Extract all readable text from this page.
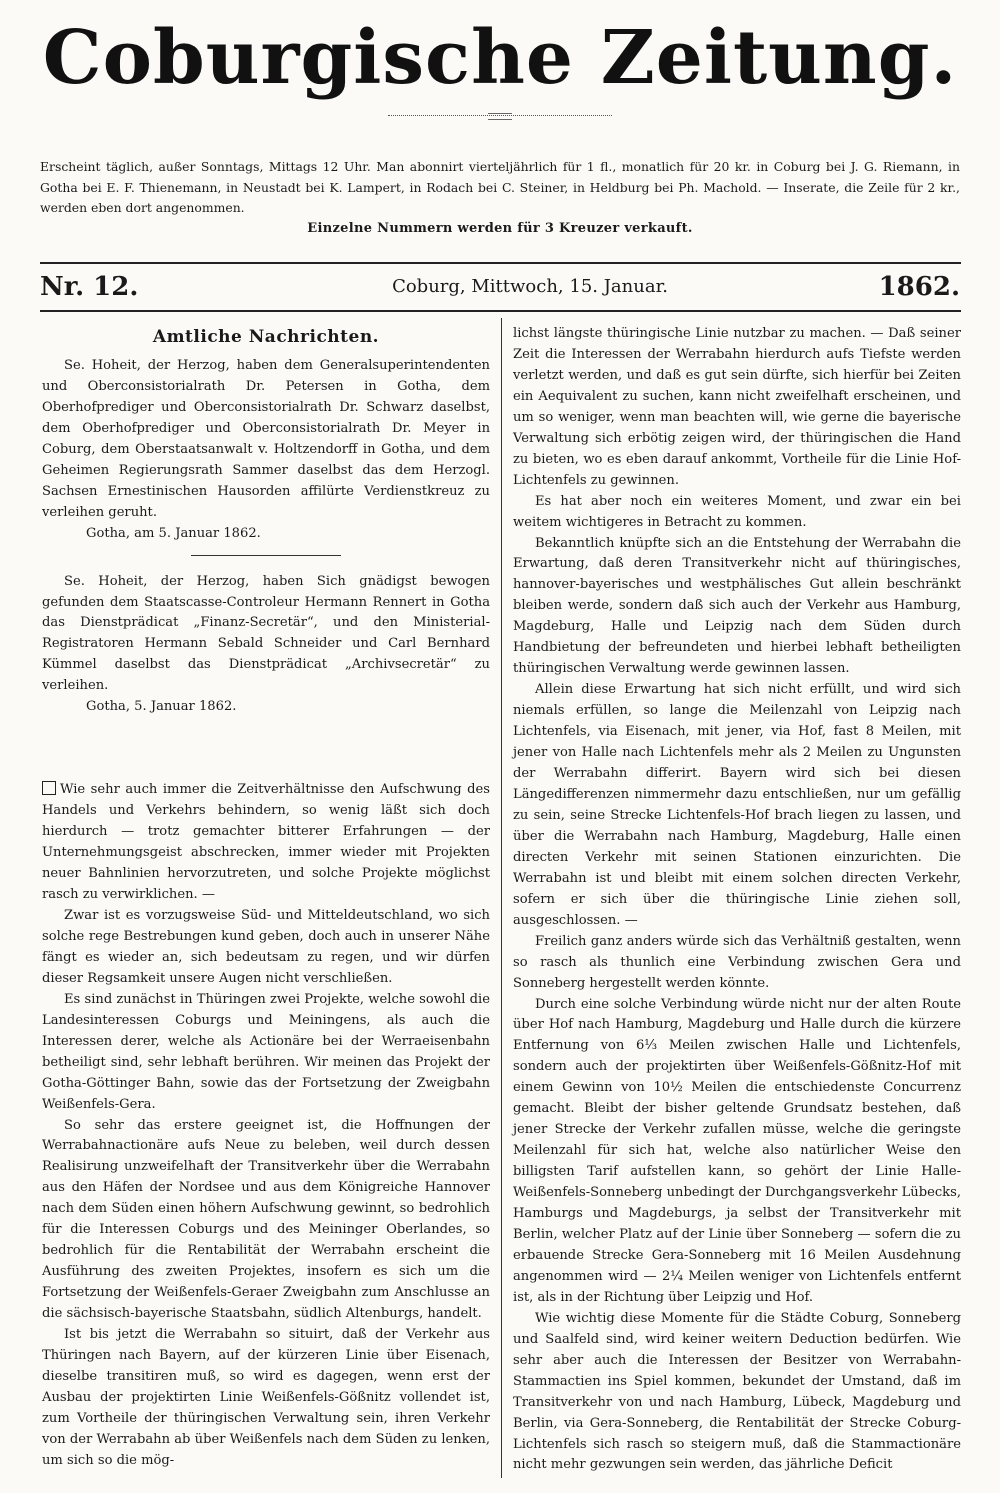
Coburgische Zeitung.
Erscheint täglich, außer Sonntags, Mittags 12 Uhr. Man abonnirt vierteljährlich für 1 fl., monatlich für 20 kr. in Coburg bei J. G. Riemann, in Gotha bei E. F. Thienemann, in Neustadt bei K. Lampert, in Rodach bei C. Steiner, in Heldburg bei Ph. Machold. — Inserate, die Zeile für 2 kr., werden eben dort angenommen.
Einzelne Nummern werden für 3 Kreuzer verkauft.
Nr. 12.	Coburg, Mittwoch, 15. Januar.	1862.
Amtliche Nachrichten.

Se. Hoheit, der Herzog, haben dem Generalsuperintendenten und Oberconsistorialrath Dr. Petersen in Gotha, dem Oberhofprediger und Oberconsistorialrath Dr. Schwarz daselbst, dem Oberhofprediger und Oberconsistorialrath Dr. Meyer in Coburg, dem Oberstaatsanwalt v. Holtzendorff in Gotha, und dem Geheimen Regierungsrath Sammer daselbst das dem Herzogl. Sachsen Ernestinischen Hausorden affilürte Verdienstkreuz zu verleihen geruht.

Gotha, am 5. Januar 1862.

Se. Hoheit, der Herzog, haben Sich gnädigst bewogen gefunden dem Staatscasse-Controleur Hermann Rennert in Gotha das Dienstprädicat „Finanz-Secretär“, und den Ministerial-Registratoren Hermann Sebald Schneider und Carl Bernhard Kümmel daselbst das Dienstprädicat „Archivsecretär“ zu verleihen.

Gotha, 5. Januar 1862.

Wie sehr auch immer die Zeitverhältnisse den Aufschwung des Handels und Verkehrs behindern, so wenig läßt sich doch hierdurch — trotz gemachter bitterer Erfahrungen — der Unternehmungsgeist abschrecken, immer wieder mit Projekten neuer Bahnlinien hervorzutreten, und solche Projekte möglichst rasch zu verwirklichen. —

Zwar ist es vorzugsweise Süd- und Mitteldeutschland, wo sich solche rege Bestrebungen kund geben, doch auch in unserer Nähe fängt es wieder an, sich bedeutsam zu regen, und wir dürfen dieser Regsamkeit unsere Augen nicht verschließen.

Es sind zunächst in Thüringen zwei Projekte, welche sowohl die Landesinteressen Coburgs und Meiningens, als auch die Interessen derer, welche als Actionäre bei der Werraeisenbahn betheiligt sind, sehr lebhaft berühren. Wir meinen das Projekt der Gotha-Göttinger Bahn, sowie das der Fortsetzung der Zweigbahn Weißenfels-Gera.

So sehr das erstere geeignet ist, die Hoffnungen der Werrabahnactionäre aufs Neue zu beleben, weil durch dessen Realisirung unzweifelhaft der Transitverkehr über die Werrabahn aus den Häfen der Nordsee und aus dem Königreiche Hannover nach dem Süden einen höhern Aufschwung gewinnt, so bedrohlich für die Interessen Coburgs und des Meininger Oberlandes, so bedrohlich für die Rentabilität der Werrabahn erscheint die Ausführung des zweiten Projektes, insofern es sich um die Fortsetzung der Weißenfels-Geraer Zweigbahn zum Anschlusse an die sächsisch-bayerische Staatsbahn, südlich Altenburgs, handelt.

Ist bis jetzt die Werrabahn so situirt, daß der Verkehr aus Thüringen nach Bayern, auf der kürzeren Linie über Eisenach, dieselbe transitiren muß, so wird es dagegen, wenn erst der Ausbau der projektirten Linie Weißenfels-Gößnitz vollendet ist, zum Vortheile der thüringischen Verwaltung sein, ihren Verkehr von der Werrabahn ab über Weißenfels nach dem Süden zu lenken, um sich so die mög-

lichst längste thüringische Linie nutzbar zu machen. — Daß seiner Zeit die Interessen der Werrabahn hierdurch aufs Tiefste werden verletzt werden, und daß es gut sein dürfte, sich hierfür bei Zeiten ein Aequivalent zu suchen, kann nicht zweifelhaft erscheinen, und um so weniger, wenn man beachten will, wie gerne die bayerische Verwaltung sich erbötig zeigen wird, der thüringischen die Hand zu bieten, wo es eben darauf ankommt, Vortheile für die Linie Hof-Lichtenfels zu gewinnen.

Es hat aber noch ein weiteres Moment, und zwar ein bei weitem wichtigeres in Betracht zu kommen.

Bekanntlich knüpfte sich an die Entstehung der Werrabahn die Erwartung, daß deren Transitverkehr nicht auf thüringisches, hannover-bayerisches und westphälisches Gut allein beschränkt bleiben werde, sondern daß sich auch der Verkehr aus Hamburg, Magdeburg, Halle und Leipzig nach dem Süden durch Handbietung der befreundeten und hierbei lebhaft betheiligten thüringischen Verwaltung werde gewinnen lassen.

Allein diese Erwartung hat sich nicht erfüllt, und wird sich niemals erfüllen, so lange die Meilenzahl von Leipzig nach Lichtenfels, via Eisenach, mit jener, via Hof, fast 8 Meilen, mit jener von Halle nach Lichtenfels mehr als 2 Meilen zu Ungunsten der Werrabahn differirt. Bayern wird sich bei diesen Längedifferenzen nimmermehr dazu entschließen, nur um gefällig zu sein, seine Strecke Lichtenfels-Hof brach liegen zu lassen, und über die Werrabahn nach Hamburg, Magdeburg, Halle einen directen Verkehr mit seinen Stationen einzurichten. Die Werrabahn ist und bleibt mit einem solchen directen Verkehr, sofern er sich über die thüringische Linie ziehen soll, ausgeschlossen. —

Freilich ganz anders würde sich das Verhältniß gestalten, wenn so rasch als thunlich eine Verbindung zwischen Gera und Sonneberg hergestellt werden könnte.

Durch eine solche Verbindung würde nicht nur der alten Route über Hof nach Hamburg, Magdeburg und Halle durch die kürzere Entfernung von 6⅓ Meilen zwischen Halle und Lichtenfels, sondern auch der projektirten über Weißenfels-Gößnitz-Hof mit einem Gewinn von 10½ Meilen die entschiedenste Concurrenz gemacht. Bleibt der bisher geltende Grundsatz bestehen, daß jener Strecke der Verkehr zufallen müsse, welche die geringste Meilenzahl für sich hat, welche also natürlicher Weise den billigsten Tarif aufstellen kann, so gehört der Linie Halle-Weißenfels-Sonneberg unbedingt der Durchgangsverkehr Lübecks, Hamburgs und Magdeburgs, ja selbst der Transitverkehr mit Berlin, welcher Platz auf der Linie über Sonneberg — sofern die zu erbauende Strecke Gera-Sonneberg mit 16 Meilen Ausdehnung angenommen wird — 2¼ Meilen weniger von Lichtenfels entfernt ist, als in der Richtung über Leipzig und Hof.

Wie wichtig diese Momente für die Städte Coburg, Sonneberg und Saalfeld sind, wird keiner weitern Deduction bedürfen. Wie sehr aber auch die Interessen der Besitzer von Werrabahn-Stammactien ins Spiel kommen, bekundet der Umstand, daß im Transitverkehr von und nach Hamburg, Lübeck, Magdeburg und Berlin, via Gera-Sonneberg, die Rentabilität der Strecke Coburg-Lichtenfels sich rasch so steigern muß, daß die Stammactionäre nicht mehr gezwungen sein werden, das jährliche Deficit
